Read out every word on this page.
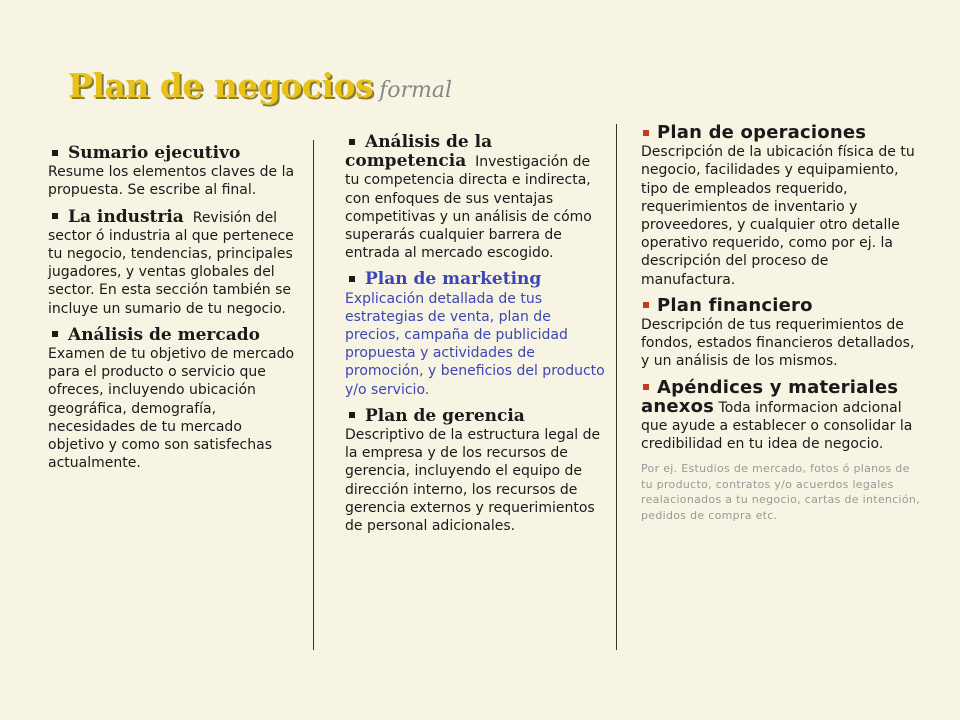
Plan de negocios formal
Sumario ejecutivo
Resume los elementos claves de la propuesta. Se escribe al final.
La industria Revisión del sector ó industria al que pertenece tu negocio, tendencias, principales jugadores, y ventas globales del sector. En esta sección también se incluye un sumario de tu negocio.
Análisis de mercado
Examen de tu objetivo de mercado para el producto o servicio que ofreces, incluyendo ubicación geográfica, demografía, necesidades de tu mercado objetivo y como son satisfechas actualmente.
Análisis de la competencia Investigación de tu competencia directa e indirecta, con enfoques de sus ventajas competitivas y un análisis de cómo superarás cualquier barrera de entrada al mercado escogido.
Plan de marketing
Explicación detallada de tus estrategias de venta, plan de precios, campaña de publicidad propuesta y actividades de promoción, y beneficios del producto y/o servicio.
Plan de gerencia
Descriptivo de la estructura legal de la empresa y de los recursos de gerencia, incluyendo el equipo de dirección interno, los recursos de gerencia externos y requerimientos de personal adicionales.
Plan de operaciones
Descripción de la ubicación física de tu negocio, facilidades y equipamiento, tipo de empleados requerido, requerimientos de inventario y proveedores, y cualquier otro detalle operativo requerido, como por ej. la descripción del proceso de manufactura.
Plan financiero
Descripción de tus requerimientos de fondos, estados financieros detallados, y un análisis de los mismos.
Apéndices y materiales anexos Toda informacion adcional que ayude a establecer o consolidar la credibilidad en tu idea de negocio.
Por ej. Estudios de mercado, fotos ó planos de tu producto, contratos y/o acuerdos legales realacionados a tu negocio, cartas de intención, pedidos de compra etc.
